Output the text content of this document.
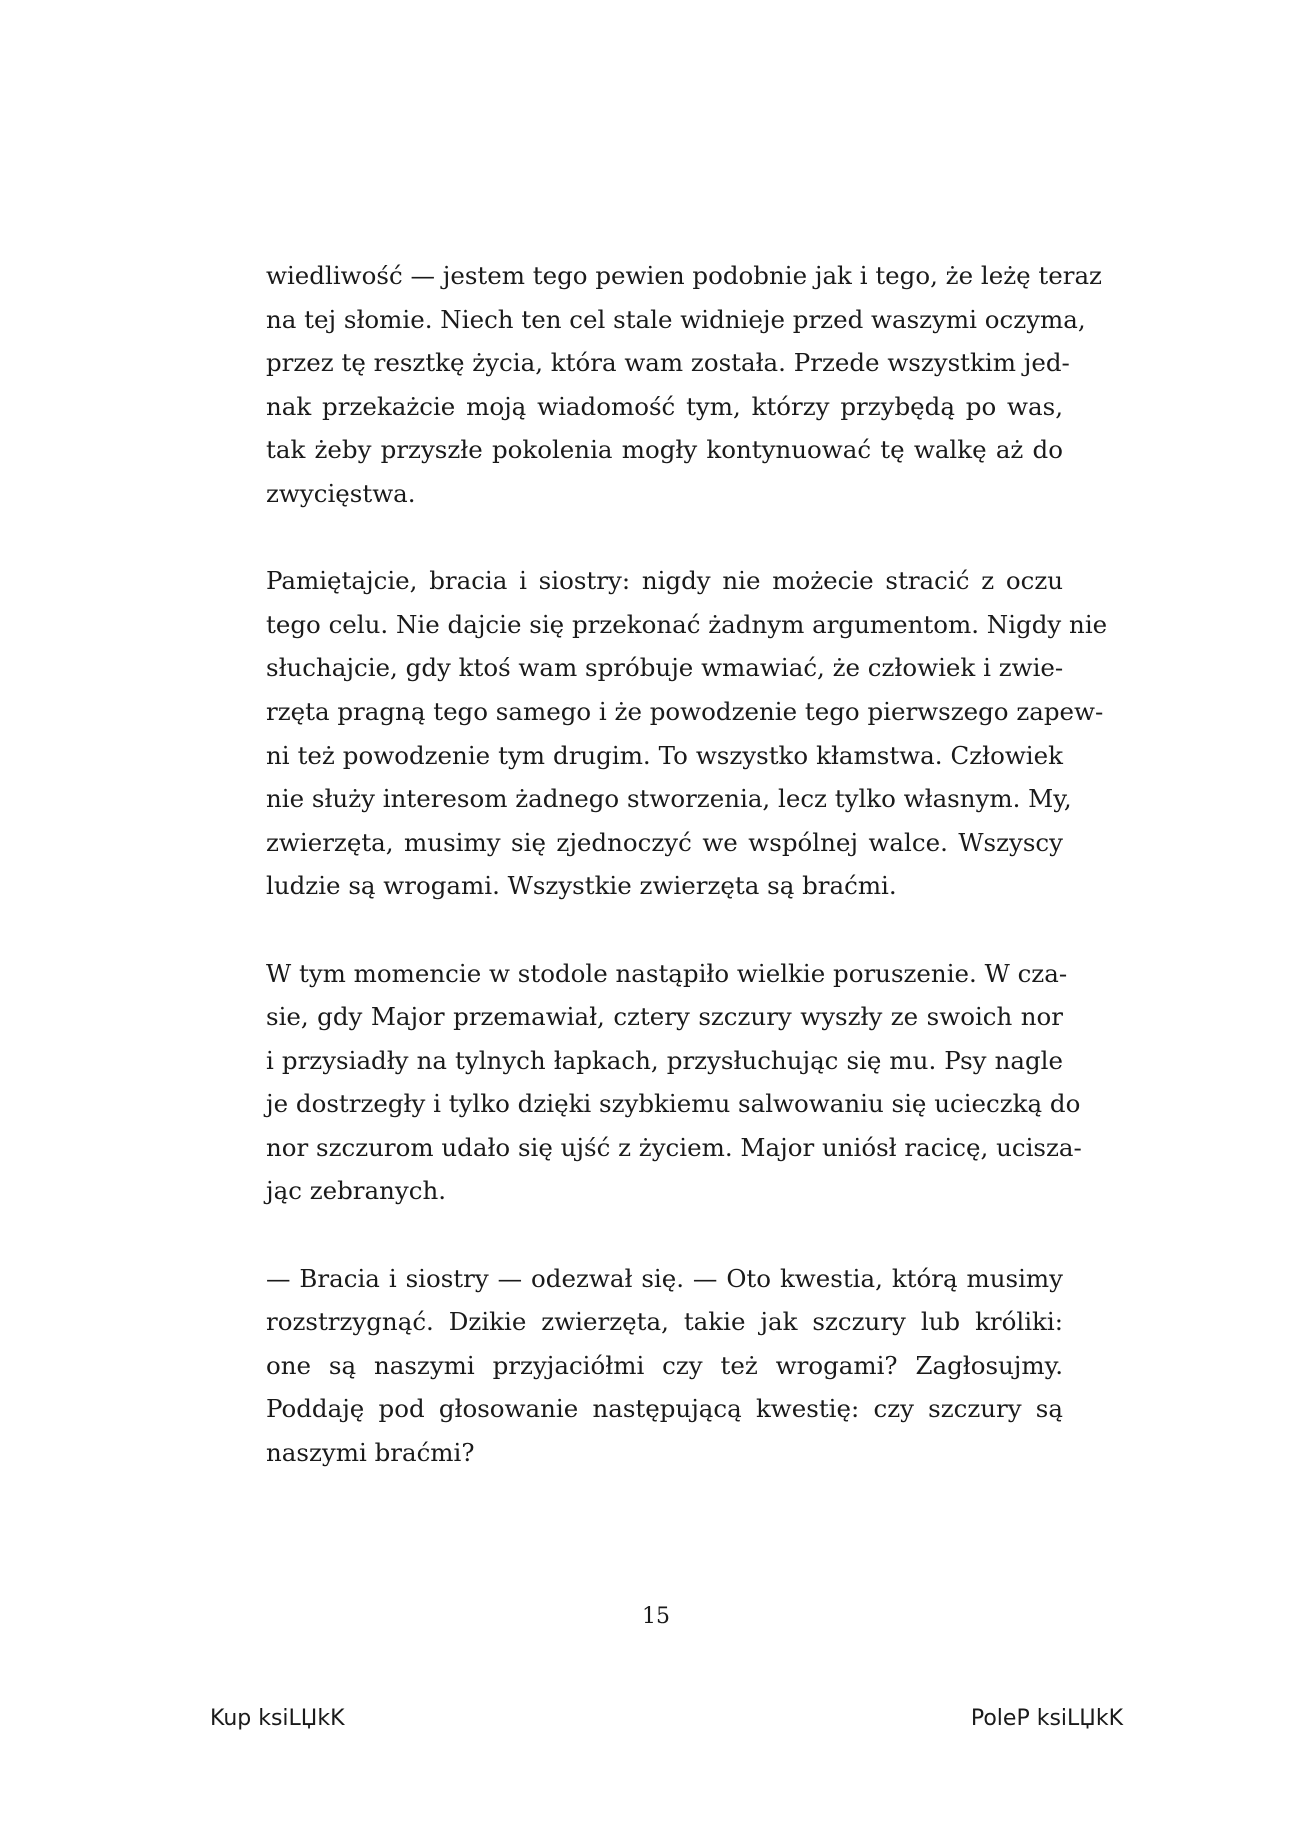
wiedliwość — jestem tego pewien podobnie jak i tego, że leżę teraz
na tej słomie. Niech ten cel stale widnieje przed waszymi oczyma,
przez tę resztkę życia, która wam została. Przede wszystkim jed-
nak przekażcie moją wiadomość tym, którzy przybędą po was,
tak żeby przyszłe pokolenia mogły kontynuować tę walkę aż do
zwycięstwa.
Pamiętajcie, bracia i siostry: nigdy nie możecie stracić z oczu
tego celu. Nie dajcie się przekonać żadnym argumentom. Nigdy nie
słuchajcie, gdy ktoś wam spróbuje wmawiać, że człowiek i zwie-
rzęta pragną tego samego i że powodzenie tego pierwszego zapew-
ni też powodzenie tym drugim. To wszystko kłamstwa. Człowiek
nie służy interesom żadnego stworzenia, lecz tylko własnym. My,
zwierzęta, musimy się zjednoczyć we wspólnej walce. Wszyscy
ludzie są wrogami. Wszystkie zwierzęta są braćmi.
W tym momencie w stodole nastąpiło wielkie poruszenie. W cza-
sie, gdy Major przemawiał, cztery szczury wyszły ze swoich nor
i przysiadły na tylnych łapkach, przysłuchując się mu. Psy nagle
je dostrzegły i tylko dzięki szybkiemu salwowaniu się ucieczką do
nor szczurom udało się ujść z życiem. Major uniósł racicę, ucisza-
jąc zebranych.
— Bracia i siostry — odezwał się. — Oto kwestia, którą musimy
rozstrzygnąć. Dzikie zwierzęta, takie jak szczury lub króliki:
one są naszymi przyjaciółmi czy też wrogami? Zagłosujmy.
Poddaję pod głosowanie następującą kwestię: czy szczury są
naszymi braćmi?
15
Kup ksiLЏkK	PoleP ksiLЏkK
